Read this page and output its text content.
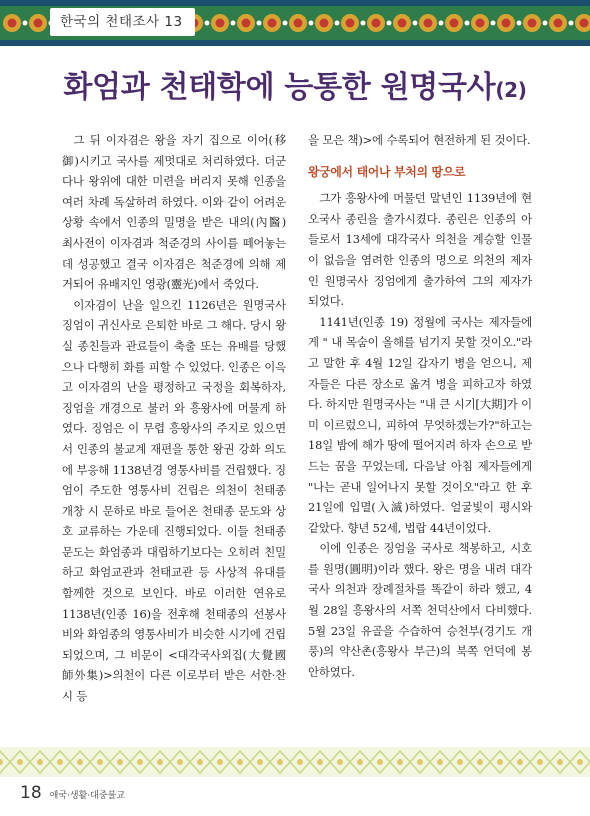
한국의 천태조사 13
화엄과 천태학에 능통한 원명국사(2)

그 뒤 이자겸은 왕을 자기 집으로 이어(移御)시키고 국사를 제멋대로 처리하였다. 더군다나 왕위에 대한 미련을 버리지 못해 인종을 여러 차례 독살하려 하였다. 이와 같이 어려운 상황 속에서 인종의 밀명을 받은 내의(內醫) 최사전이 이자겸과 척준경의 사이를 떼어놓는 데 성공했고 결국 이자겸은 척준경에 의해 제거되어 유배지인 영광(靈光)에서 죽었다.

이자겸이 난을 일으킨 1126년은 원명국사 징엄이 귀신사로 은퇴한 바로 그 해다. 당시 왕실 종친들과 관료들이 축출 또는 유배를 당했으나 다행히 화를 피할 수 있었다. 인종은 이윽고 이자겸의 난을 평정하고 국정을 회복하자, 징엄을 개경으로 불러 와 흥왕사에 머물게 하였다. 징엄은 이 무렵 흥왕사의 주지로 있으면서 인종의 불교계 재편을 통한 왕권 강화 의도에 부응해 1138년경 영통사비를 건립했다. 징엄이 주도한 영통사비 건립은 의천이 천태종 개창 시 문하로 바로 들어온 천태종 문도와 상호 교류하는 가운데 진행되었다. 이들 천태종 문도는 화엄종과 대립하기보다는 오히려 친밀하고 화엄교관과 천태교관 등 사상적 유대를 함께한 것으로 보인다. 바로 이러한 연유로 1138년(인종 16)을 전후해 천태종의 선봉사비와 화엄종의 영통사비가 비슷한 시기에 건립되었으며, 그 비문이 <대각국사외집(大覺國師外集)>의천이 다른 이로부터 받은 서한·찬시 등

을 모은 책)>에 수록되어 현전하게 된 것이다.

왕궁에서 태어나 부처의 땅으로

그가 흥왕사에 머물던 말년인 1139년에 현오국사 종린을 출가시켰다. 종린은 인종의 아들로서 13세에 대각국사 의천을 계승할 인물이 없음을 염려한 인종의 명으로 의천의 제자인 원명국사 징엄에게 출가하여 그의 제자가 되었다.

1141년(인종 19) 정월에 국사는 제자들에게 " 내 목숨이 올해를 넘기지 못할 것이오."라고 말한 후 4월 12일 갑자기 병을 얻으니, 제자들은 다른 장소로 옮겨 병을 피하고자 하였다. 하지만 원명국사는 "내 큰 시기[大期]가 이미 이르렀으니, 피하여 무엇하겠는가?"하고는 18일 밤에 해가 땅에 떨어지려 하자 손으로 받드는 꿈을 꾸었는데, 다음날 아침 제자들에게 "나는 곧내 일어나지 못할 것이오"라고 한 후 21일에 입멸(入滅)하였다. 얼굴빛이 평시와 같았다. 향년 52세, 법랍 44년이었다.

이에 인종은 징엄을 국사로 책봉하고, 시호를 원명(圓明)이라 했다. 왕은 명을 내려 대각국사 의천과 장례절차를 똑같이 하라 했고, 4월 28일 흥왕사의 서쪽 천덕산에서 다비했다. 5월 23일 유골을 수습하여 승천부(경기도 개풍)의 약산촌(흥왕사 부근)의 북쪽 언덕에 봉안하였다.

18 애국·생활·대중불교
